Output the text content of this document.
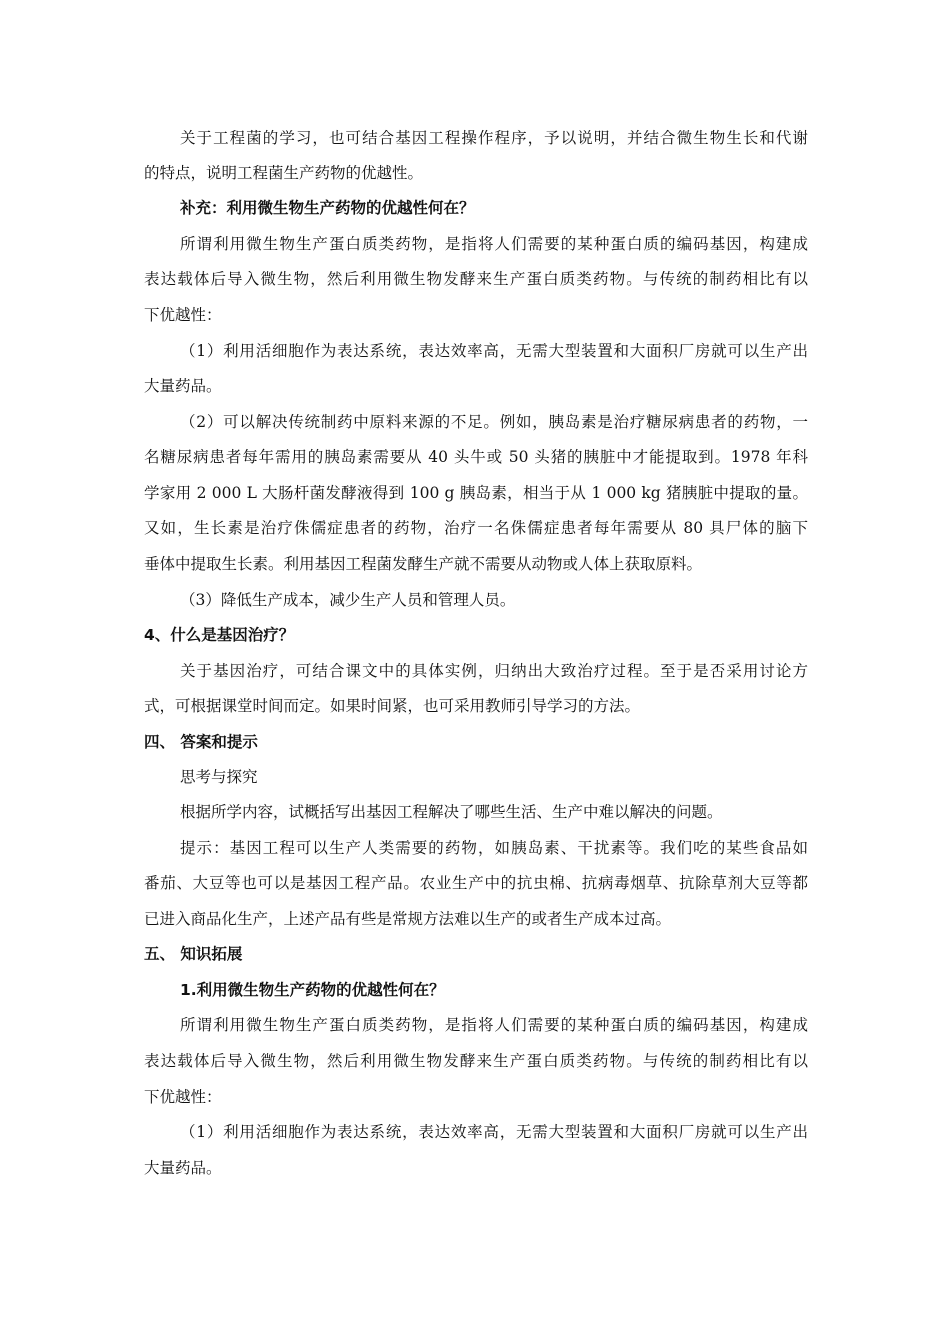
关于工程菌的学习，也可结合基因工程操作程序，予以说明，并结合微生物生长和代谢
的特点，说明工程菌生产药物的优越性。
补充：利用微生物生产药物的优越性何在？
所谓利用微生物生产蛋白质类药物，是指将人们需要的某种蛋白质的编码基因，构建成
表达载体后导入微生物，然后利用微生物发酵来生产蛋白质类药物。与传统的制药相比有以
下优越性：
（1）利用活细胞作为表达系统，表达效率高，无需大型装置和大面积厂房就可以生产出
大量药品。
（2）可以解决传统制药中原料来源的不足。例如，胰岛素是治疗糖尿病患者的药物，一
名糖尿病患者每年需用的胰岛素需要从 40 头牛或 50 头猪的胰脏中才能提取到。1978 年科
学家用 2 000 L 大肠杆菌发酵液得到 100 g 胰岛素，相当于从 1 000 kg 猪胰脏中提取的量。
又如，生长素是治疗侏儒症患者的药物，治疗一名侏儒症患者每年需要从 80 具尸体的脑下
垂体中提取生长素。利用基因工程菌发酵生产就不需要从动物或人体上获取原料。
（3）降低生产成本，减少生产人员和管理人员。
4、什么是基因治疗？
关于基因治疗，可结合课文中的具体实例，归纳出大致治疗过程。至于是否采用讨论方
式，可根据课堂时间而定。如果时间紧，也可采用教师引导学习的方法。
四、 答案和提示
思考与探究
根据所学内容，试概括写出基因工程解决了哪些生活、生产中难以解决的问题。
提示：基因工程可以生产人类需要的药物，如胰岛素、干扰素等。我们吃的某些食品如
番茄、大豆等也可以是基因工程产品。农业生产中的抗虫棉、抗病毒烟草、抗除草剂大豆等都
已进入商品化生产，上述产品有些是常规方法难以生产的或者生产成本过高。
五、 知识拓展
1.利用微生物生产药物的优越性何在？
所谓利用微生物生产蛋白质类药物，是指将人们需要的某种蛋白质的编码基因，构建成
表达载体后导入微生物，然后利用微生物发酵来生产蛋白质类药物。与传统的制药相比有以
下优越性：
（1）利用活细胞作为表达系统，表达效率高，无需大型装置和大面积厂房就可以生产出
大量药品。
